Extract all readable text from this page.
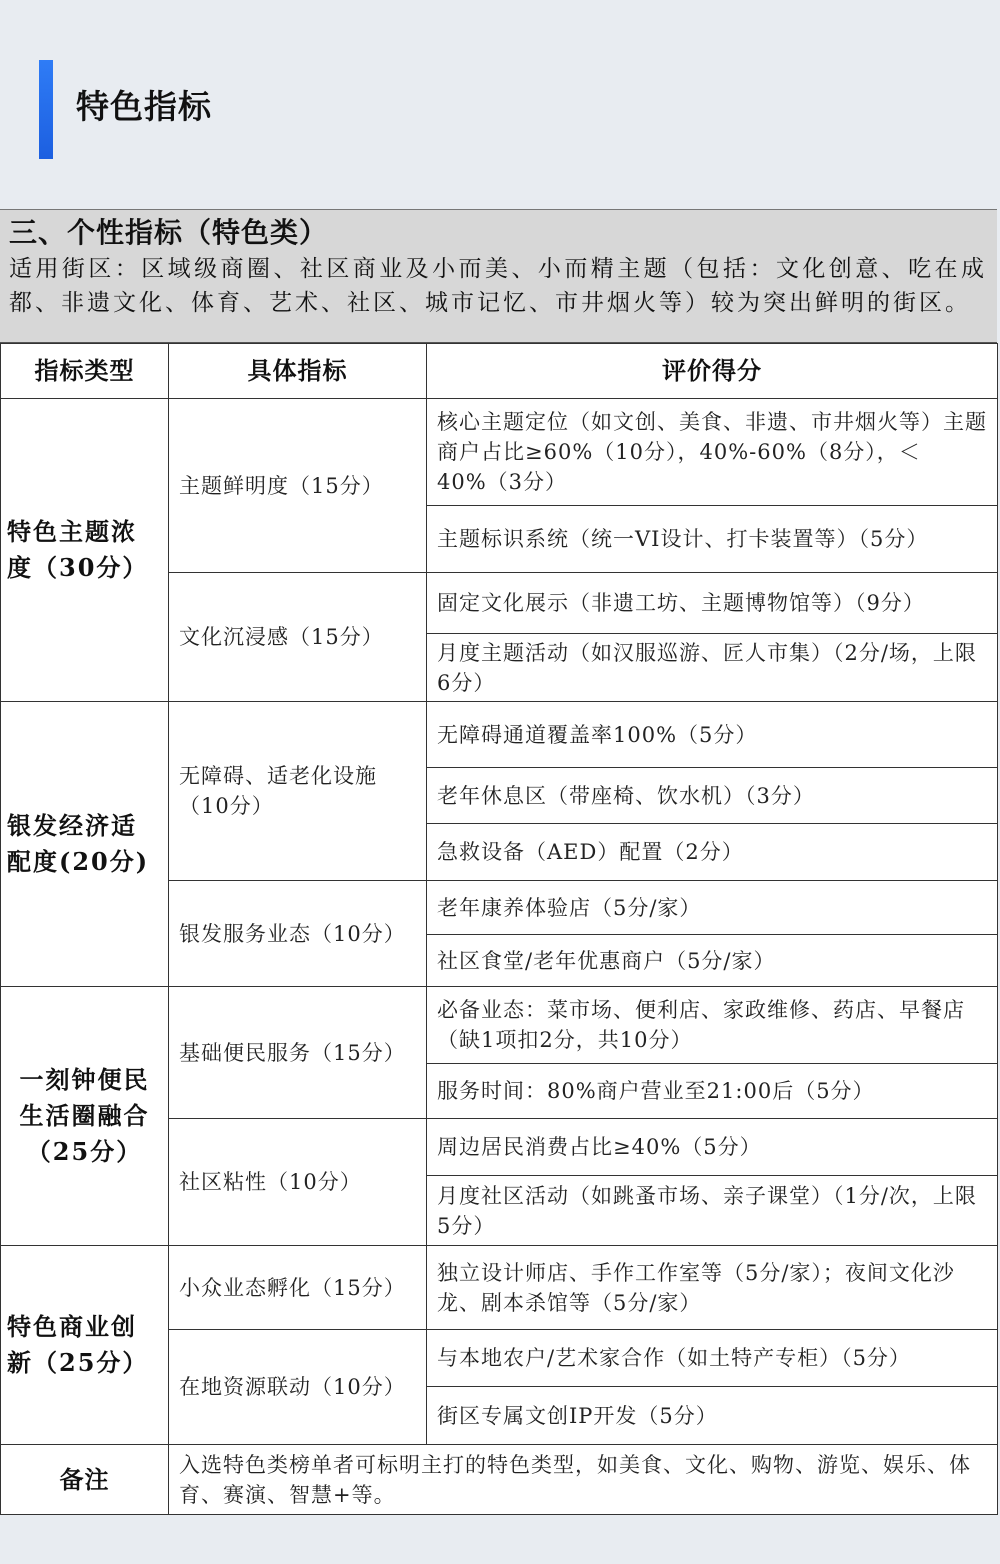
特色指标
三、个性指标（特色类）
适用街区：区域级商圈、社区商业及小而美、小而精主题（包括：文化创意、吃在成都、非遗文化、体育、艺术、社区、城市记忆、市井烟火等）较为突出鲜明的街区。
指标类型	具体指标	评价得分
特色主题浓度（30分）	主题鲜明度（15分）	核心主题定位（如文创、美食、非遗、市井烟火等）主题商户占比≥60%（10分），40%-60%（8分），＜40%（3分）
		主题标识系统（统一VI设计、打卡装置等）（5分）
	文化沉浸感（15分）	固定文化展示（非遗工坊、主题博物馆等）（9分）
		月度主题活动（如汉服巡游、匠人市集）（2分/场，上限6分）
银发经济适配度(20分)	无障碍、适老化设施（10分）	无障碍通道覆盖率100%（5分）
		老年休息区（带座椅、饮水机）（3分）
		急救设备（AED）配置（2分）
	银发服务业态（10分）	老年康养体验店（5分/家）
		社区食堂/老年优惠商户（5分/家）
一刻钟便民生活圈融合（25分）	基础便民服务（15分）	必备业态：菜市场、便利店、家政维修、药店、早餐店（缺1项扣2分，共10分）
		服务时间：80%商户营业至21:00后（5分）
	社区粘性（10分）	周边居民消费占比≥40%（5分）
		月度社区活动（如跳蚤市场、亲子课堂）（1分/次，上限5分）
特色商业创新（25分）	小众业态孵化（15分）	独立设计师店、手作工作室等（5分/家）；夜间文化沙龙、剧本杀馆等（5分/家）
	在地资源联动（10分）	与本地农户/艺术家合作（如土特产专柜）（5分）
		街区专属文创IP开发（5分）
备注	入选特色类榜单者可标明主打的特色类型，如美食、文化、购物、游览、娱乐、体育、赛演、智慧+等。	
